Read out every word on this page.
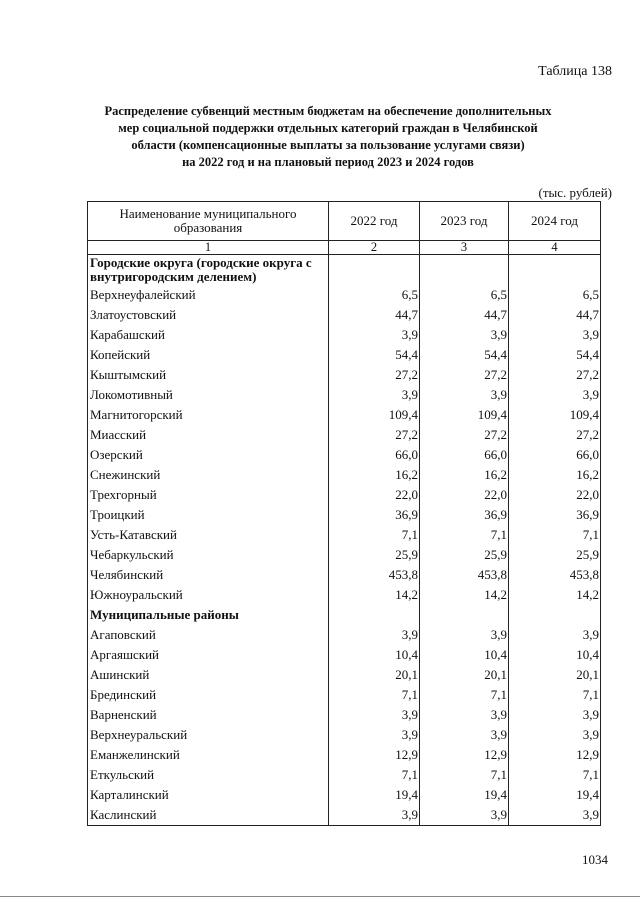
Таблица 138
Распределение субвенций местным бюджетам на обеспечение дополнительных
мер социальной поддержки отдельных категорий граждан в Челябинской
области (компенсационные выплаты за пользование услугами связи)
на 2022 год и на плановый период 2023 и 2024 годов
(тыс. рублей)
Наименование муниципального образования	2022 год	2023 год	2024 год
1	2	3	4
Городские округа (городские округа с внутригородским делением)			
Верхнеуфалейский	6,5	6,5	6,5
Златоустовский	44,7	44,7	44,7
Карабашский	3,9	3,9	3,9
Копейский	54,4	54,4	54,4
Кыштымский	27,2	27,2	27,2
Локомотивный	3,9	3,9	3,9
Магнитогорский	109,4	109,4	109,4
Миасский	27,2	27,2	27,2
Озерский	66,0	66,0	66,0
Снежинский	16,2	16,2	16,2
Трехгорный	22,0	22,0	22,0
Троицкий	36,9	36,9	36,9
Усть-Катавский	7,1	7,1	7,1
Чебаркульский	25,9	25,9	25,9
Челябинский	453,8	453,8	453,8
Южноуральский	14,2	14,2	14,2
Муниципальные районы			
Агаповский	3,9	3,9	3,9
Аргаяшский	10,4	10,4	10,4
Ашинский	20,1	20,1	20,1
Брединский	7,1	7,1	7,1
Варненский	3,9	3,9	3,9
Верхнеуральский	3,9	3,9	3,9
Еманжелинский	12,9	12,9	12,9
Еткульский	7,1	7,1	7,1
Карталинский	19,4	19,4	19,4
Каслинский	3,9	3,9	3,9
1034
